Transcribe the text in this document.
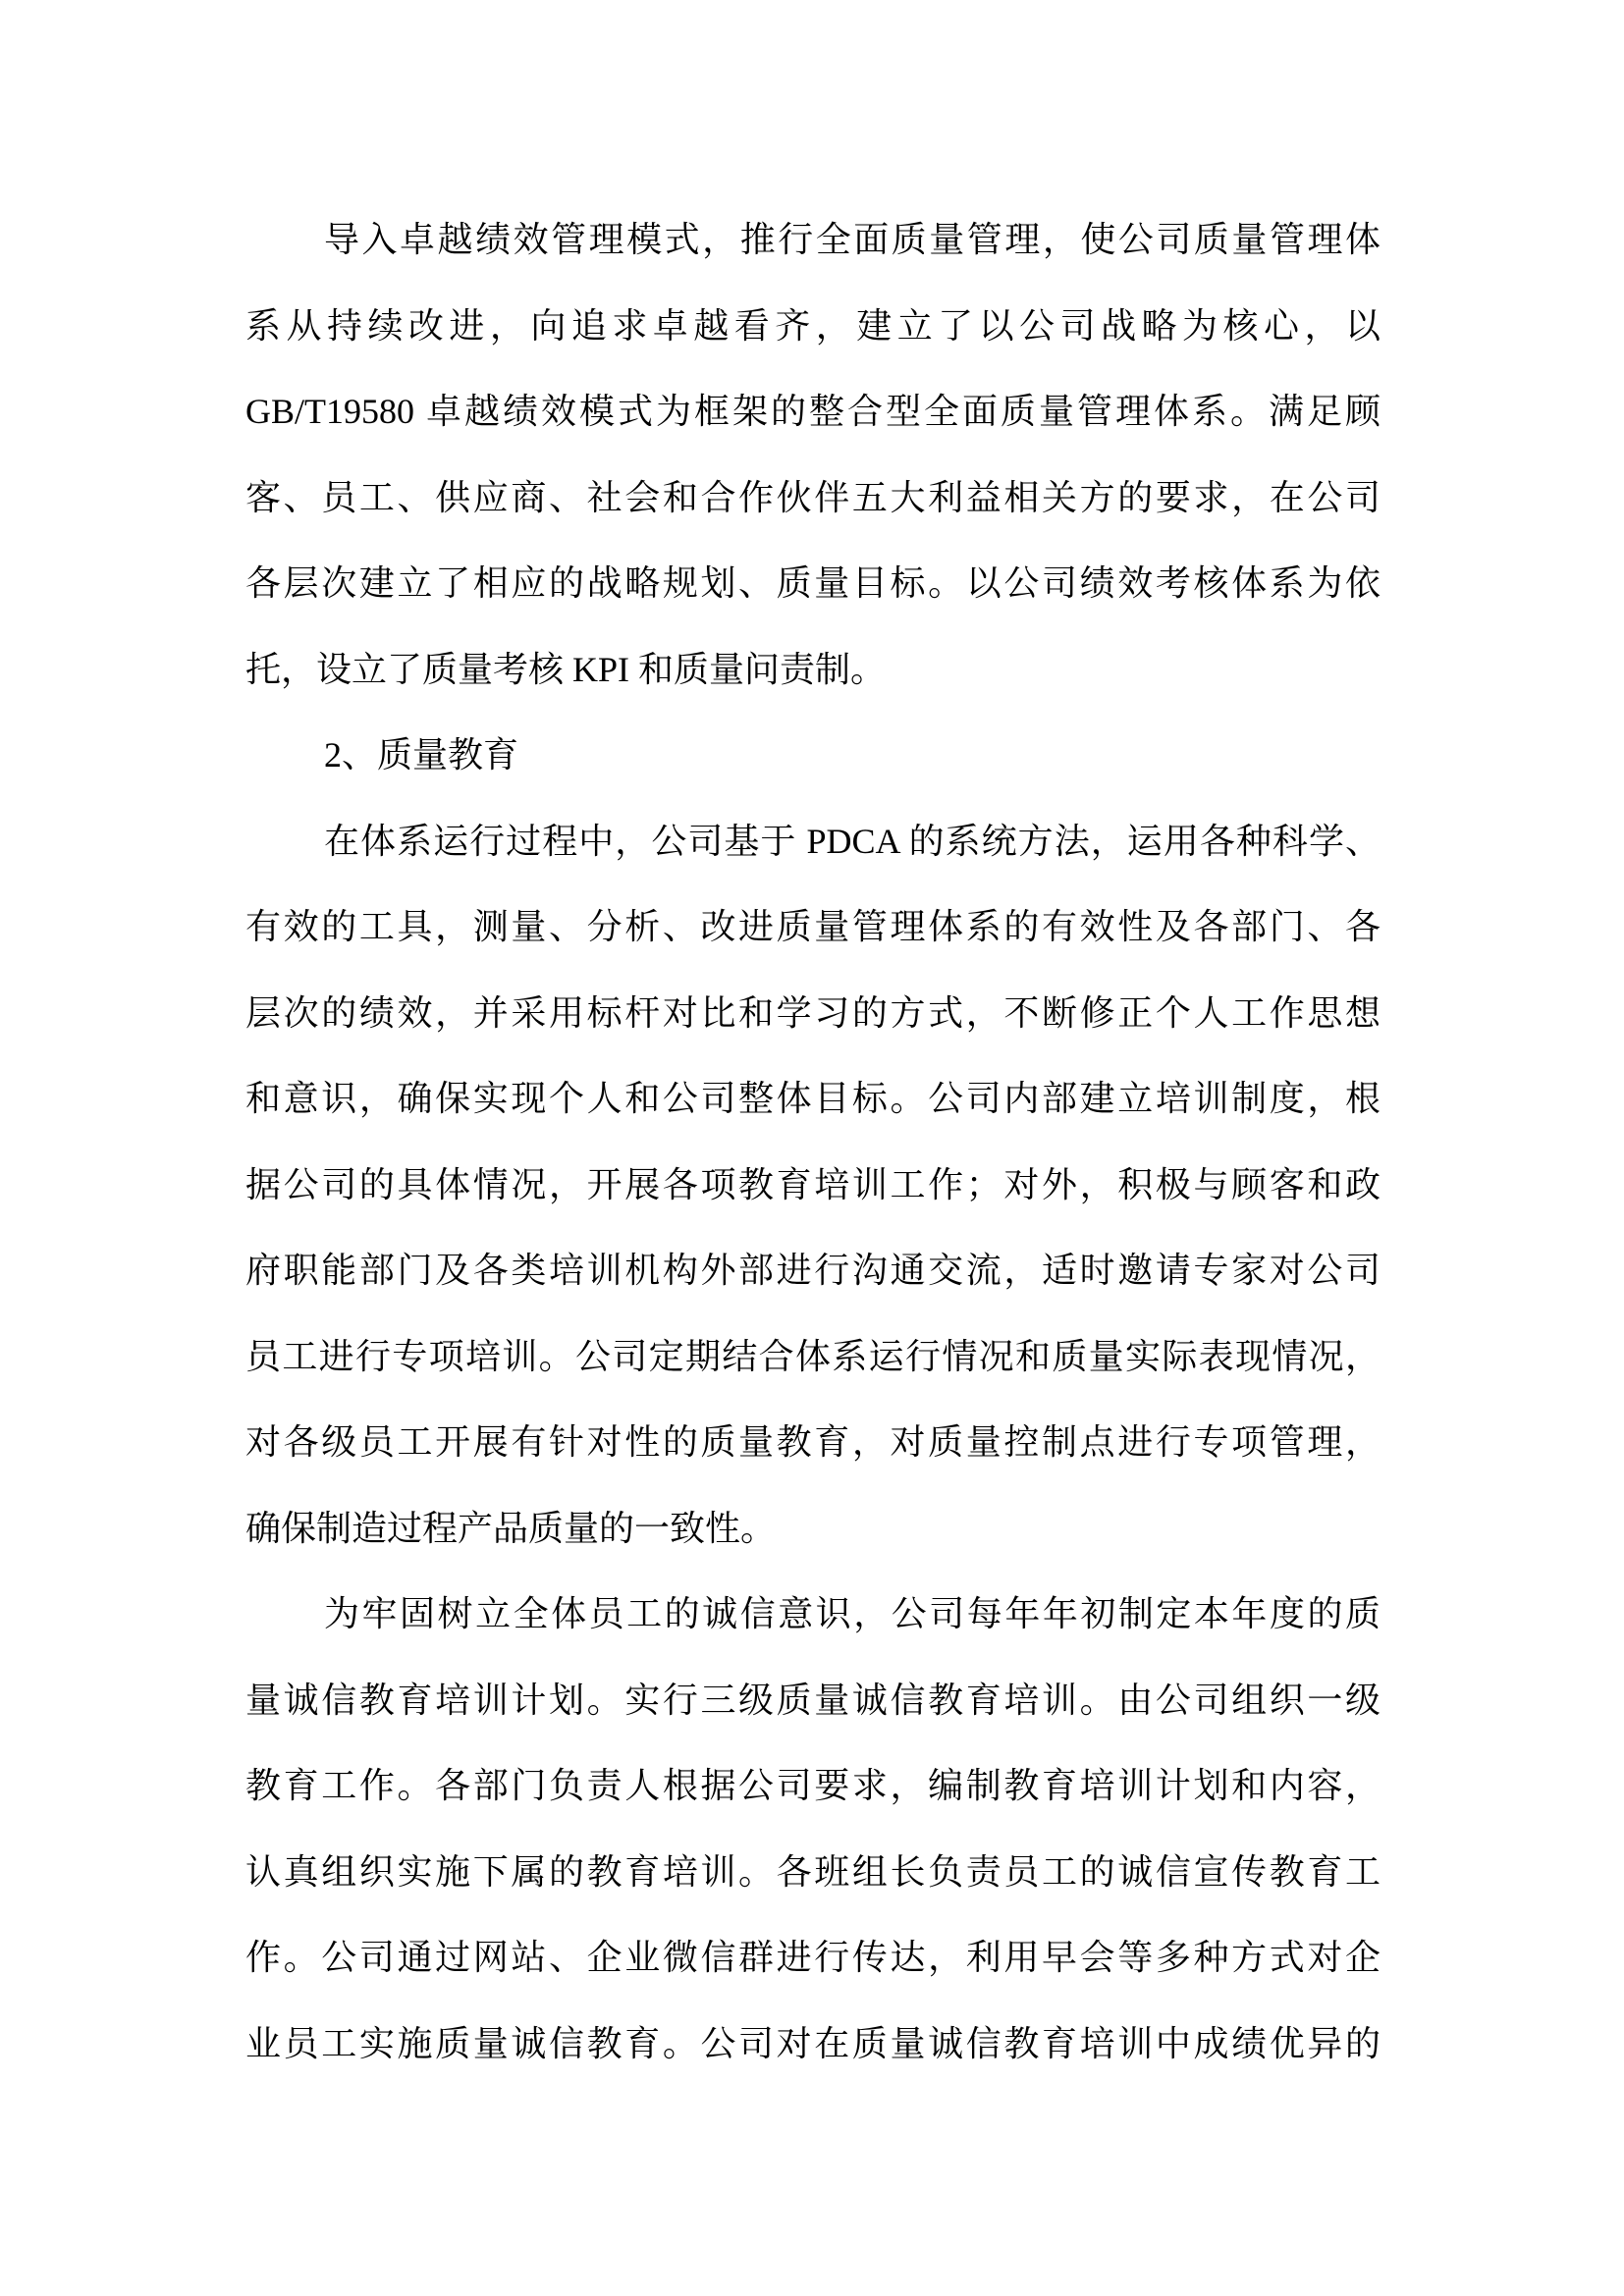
导入卓越绩效管理模式，推行全面质量管理，使公司质量管理体
系从持续改进，向追求卓越看齐，建立了以公司战略为核心，以
GB/T19580 卓越绩效模式为框架的整合型全面质量管理体系。满足顾
客、员工、供应商、社会和合作伙伴五大利益相关方的要求，在公司
各层次建立了相应的战略规划、质量目标。以公司绩效考核体系为依
托，设立了质量考核 KPI 和质量问责制。
2、质量教育
在体系运行过程中，公司基于 PDCA 的系统方法，运用各种科学、
有效的工具，测量、分析、改进质量管理体系的有效性及各部门、各
层次的绩效，并采用标杆对比和学习的方式，不断修正个人工作思想
和意识，确保实现个人和公司整体目标。公司内部建立培训制度，根
据公司的具体情况，开展各项教育培训工作；对外，积极与顾客和政
府职能部门及各类培训机构外部进行沟通交流，适时邀请专家对公司
员工进行专项培训。公司定期结合体系运行情况和质量实际表现情况，
对各级员工开展有针对性的质量教育，对质量控制点进行专项管理，
确保制造过程产品质量的一致性。
为牢固树立全体员工的诚信意识，公司每年年初制定本年度的质
量诚信教育培训计划。实行三级质量诚信教育培训。由公司组织一级
教育工作。各部门负责人根据公司要求，编制教育培训计划和内容，
认真组织实施下属的教育培训。各班组长负责员工的诚信宣传教育工
作。公司通过网站、企业微信群进行传达，利用早会等多种方式对企
业员工实施质量诚信教育。公司对在质量诚信教育培训中成绩优异的
